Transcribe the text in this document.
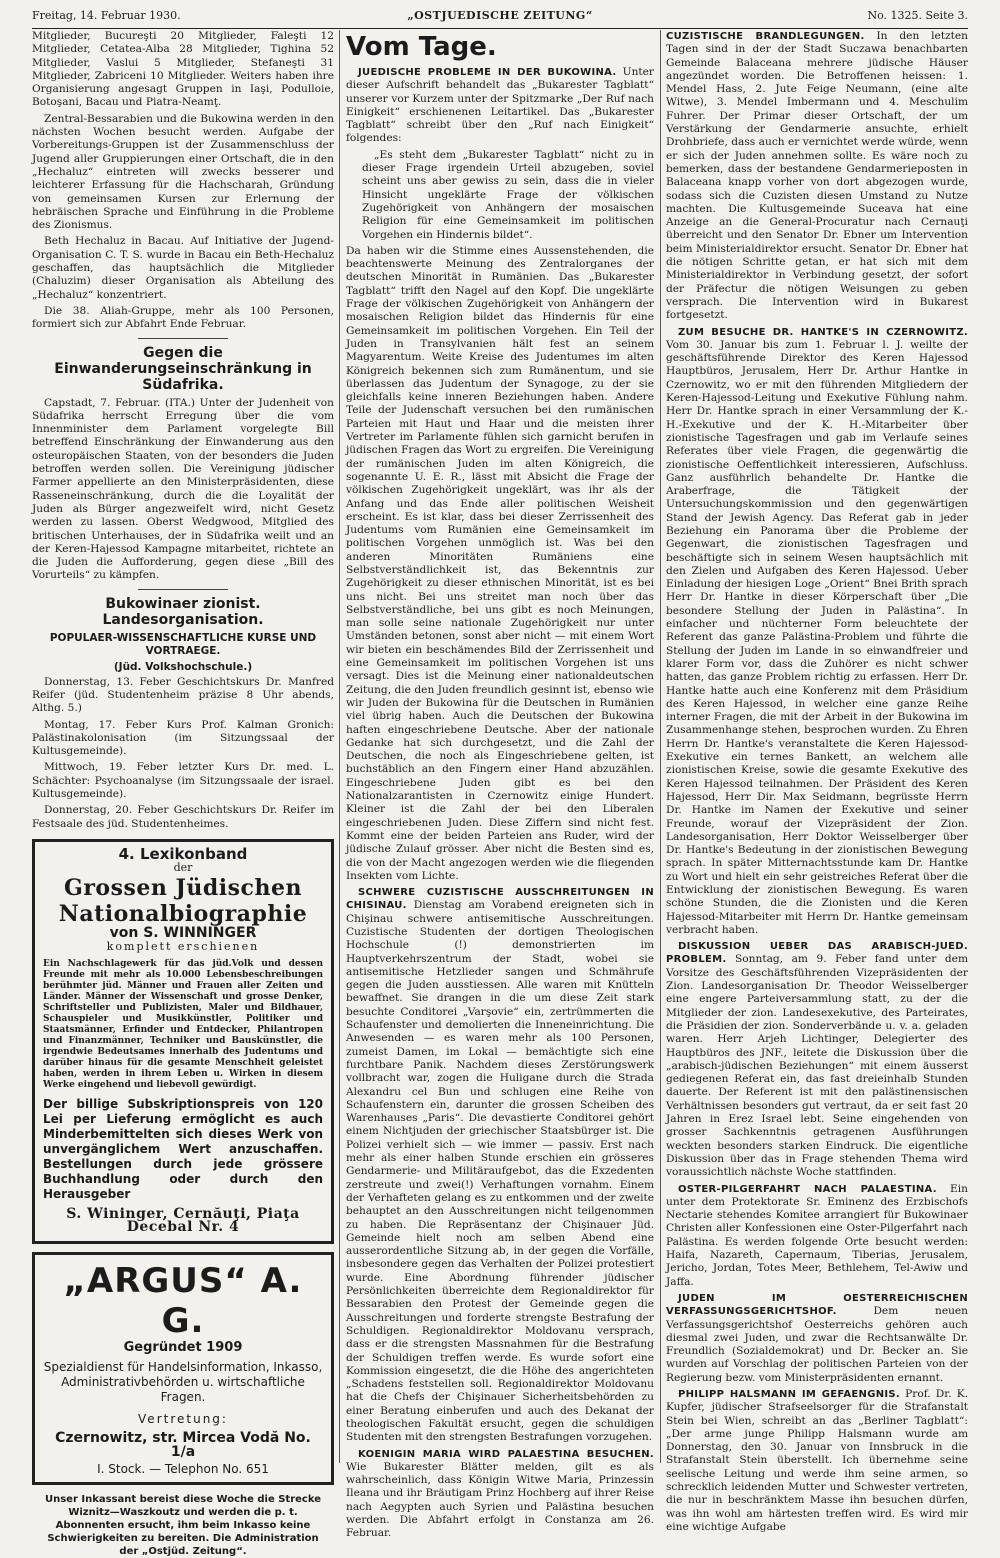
Freitag, 14. Februar 1930.	„OSTJUEDISCHE ZEITUNG“	No. 1325. Seite 3.

Mitglieder, Bucureşti 20 Mitglieder, Faleşti 12 Mitglieder, Cetatea-Alba 28 Mitglieder, Tighina 52 Mitglieder, Vaslui 5 Mitglieder, Stefaneşti 31 Mitglieder, Zabriceni 10 Mitglieder. Weiters haben ihre Organisierung angesagt Gruppen in Iaşi, Podulloie, Botoşani, Bacau und Piatra-Neamţ.

Zentral-Bessarabien und die Bukowina werden in den nächsten Wochen besucht werden. Aufgabe der Vorbereitungs-Gruppen ist der Zusammenschluss der Jugend aller Gruppierungen einer Ortschaft, die in den „Hechaluz“ eintreten will zwecks besserer und leichterer Erfassung für die Hachscharah, Gründung von gemeinsamen Kursen zur Erlernung der hebräischen Sprache und Einführung in die Probleme des Zionismus.

Beth Hechaluz in Bacau. Auf Initiative der Jugend-Organisation C. T. S. wurde in Bacau ein Beth-Hechaluz geschaffen, das hauptsächlich die Mitglieder (Chaluzim) dieser Organisation als Abteilung des „Hechaluz“ konzentriert.

Die 38. Aliah-Gruppe, mehr als 100 Personen, formiert sich zur Abfahrt Ende Februar.

Gegen die Einwanderungseinschränkung in Südafrika.

Capstadt, 7. Februar. (ITA.) Unter der Judenheit von Südafrika herrscht Erregung über die vom Innenminister dem Parlament vorgelegte Bill betreffend Einschränkung der Einwanderung aus den osteuropäischen Staaten, von der besonders die Juden betroffen werden sollen. Die Vereinigung jüdischer Farmer appellierte an den Ministerpräsidenten, diese Rasseneinschränkung, durch die die Loyalität der Juden als Bürger angezweifelt wird, nicht Gesetz werden zu lassen. Oberst Wedgwood, Mitglied des britischen Unterhauses, der in Südafrika weilt und an der Keren-Hajessod Kampagne mitarbeitet, richtete an die Juden die Aufforderung, gegen diese „Bill des Vorurteils“ zu kämpfen.

Bukowinaer zionist. Landesorganisation.
POPULAER-WISSENSCHAFTLICHE KURSE UND VORTRAEGE.
(Jüd. Volkshochschule.)

Donnerstag, 13. Feber Geschichtskurs Dr. Manfred Reifer (jüd. Studentenheim präzise 8 Uhr abends, Althg. 5.)

Montag, 17. Feber Kurs Prof. Kalman Gronich: Palästinakolonisation (im Sitzungssaal der Kultusgemeinde).

Mittwoch, 19. Feber letzter Kurs Dr. med. L. Schächter: Psychoanalyse (im Sitzungssaale der israel. Kultusgemeinde).

Donnerstag, 20. Feber Geschichtskurs Dr. Reifer im Festsaale des jüd. Studentenheimes.

4. Lexikonband
der
Grossen Jüdischen Nationalbiographie
von S. WINNINGER
komplett erschienen
Ein Nachschlagewerk für das jüd.Volk und dessen Freunde mit mehr als 10.000 Lebensbeschreibungen berühmter jüd. Männer und Frauen aller Zeiten und Länder. Männer der Wissenschaft und grosse Denker, Schriftsteller und Publizisten, Maler und Bildhauer, Schauspieler und Musikkünstler, Politiker und Staatsmänner, Erfinder und Entdecker, Philantropen und Finanzmänner, Techniker und Bauskünstler, die irgendwie Bedeutsames innerhalb des Judentums und darüber hinaus für die gesamte Menschheit geleistet haben, werden in ihrem Leben u. Wirken in diesem Werke eingehend und liebevoll gewürdigt.
Der billige Subskriptionspreis von 120 Lei per Lieferung ermöglicht es auch Minderbemittelten sich dieses Werk von unvergänglichem Wert anzuschaffen. Bestellungen durch jede grössere Buchhandlung oder durch den Herausgeber
S. Wininger, Cernăuţi, Piaţa Decebal Nr. 4
„ARGUS“ A. G.
Gegründet 1909
Spezialdienst für Handelsinformation, Inkasso, Administrativbehörden u. wirtschaftliche Fragen.
Vertretung:
Czernowitz, str. Mircea Vodă No. 1/a
I. Stock. — Telephon No. 651
Unser Inkassant bereist diese Woche die Strecke Wiznitz—Waszkoutz und werden die p. t. Abonnenten ersucht, ihm beim Inkasso keine Schwierigkeiten zu bereiten. Die Administration der „Ostjüd. Zeitung“.
Vom Tage.

JUEDISCHE PROBLEME IN DER BUKOWINA. Unter dieser Aufschrift behandelt das „Bukarester Tagblatt“ unserer vor Kurzem unter der Spitzmarke „Der Ruf nach Einigkeit“ erschienenen Leitartikel. Das „Bukarester Tagblatt“ schreibt über den „Ruf nach Einigkeit“ folgendes:

„Es steht dem „Bukarester Tagblatt“ nicht zu in dieser Frage irgendein Urteil abzugeben, soviel scheint uns aber gewiss zu sein, dass die in vieler Hinsicht ungeklärte Frage der völkischen Zugehörigkeit von Anhängern der mosaischen Religion für eine Gemeinsamkeit im politischen Vorgehen ein Hindernis bildet“.

Da haben wir die Stimme eines Aussenstehenden, die beachtenswerte Meinung des Zentralorganes der deutschen Minorität in Rumänien. Das „Bukarester Tagblatt“ trifft den Nagel auf den Kopf. Die ungeklärte Frage der völkischen Zugehörigkeit von Anhängern der mosaischen Religion bildet das Hindernis für eine Gemeinsamkeit im politischen Vorgehen. Ein Teil der Juden in Transylvanien hält fest an seinem Magyarentum. Weite Kreise des Judentumes im alten Königreich bekennen sich zum Rumänentum, und sie überlassen das Judentum der Synagoge, zu der sie gleichfalls keine inneren Beziehungen haben. Andere Teile der Judenschaft versuchen bei den rumänischen Parteien mit Haut und Haar und die meisten ihrer Vertreter im Parlamente fühlen sich garnicht berufen in jüdischen Fragen das Wort zu ergreifen. Die Vereinigung der rumänischen Juden im alten Königreich, die sogenannte U. E. R., lässt mit Absicht die Frage der völkischen Zugehörigkeit ungeklärt, was ihr als der Anfang und das Ende aller politischen Weisheit erscheint. Es ist klar, dass bei dieser Zerrissenheit des Judentums vom Rumänien eine Gemeinsamkeit im politischen Vorgehen unmöglich ist. Was bei den anderen Minoritäten Rumäniens eine Selbstverständlichkeit ist, das Bekenntnis zur Zugehörigkeit zu dieser ethnischen Minorität, ist es bei uns nicht. Bei uns streitet man noch über das Selbstverständliche, bei uns gibt es noch Meinungen, man solle seine nationale Zugehörigkeit nur unter Umständen betonen, sonst aber nicht — mit einem Wort wir bieten ein beschämendes Bild der Zerrissenheit und eine Gemeinsamkeit im politischen Vorgehen ist uns versagt. Dies ist die Meinung einer nationaldeutschen Zeitung, die den Juden freundlich gesinnt ist, ebenso wie wir Juden der Bukowina für die Deutschen in Rumänien viel übrig haben. Auch die Deutschen der Bukowina haften eingeschriebene Deutsche. Aber der nationale Gedanke hat sich durchgesetzt, und die Zahl der Deutschen, die noch als Eingeschriebene gelten, ist buchstäblich an den Fingern einer Hand abzuzählen. Eingeschriebene Juden gibt es bei den Nationalzarantisten in Czernowitz einige Hundert. Kleiner ist die Zahl der bei den Liberalen eingeschriebenen Juden. Diese Ziffern sind nicht fest. Kommt eine der beiden Parteien ans Ruder, wird der jüdische Zulauf grösser. Aber nicht die Besten sind es, die von der Macht angezogen werden wie die fliegenden Insekten vom Lichte.

SCHWERE CUZISTISCHE AUSSCHREITUNGEN IN CHISINAU. Dienstag am Vorabend ereigneten sich in Chişinau schwere antisemitische Ausschreitungen. Cuzistische Studenten der dortigen Theologischen Hochschule (!) demonstrierten im Hauptverkehrszentrum der Stadt, wobei sie antisemitische Hetzlieder sangen und Schmährufe gegen die Juden ausstiessen. Alle waren mit Knütteln bewaffnet. Sie drangen in die um diese Zeit stark besuchte Conditorei „Varşovie“ ein, zertrümmerten die Schaufenster und demolierten die Inneneinrichtung. Die Anwesenden — es waren mehr als 100 Personen, zumeist Damen, im Lokal — bemächtigte sich eine furchtbare Panik. Nachdem dieses Zerstörungswerk vollbracht war, zogen die Huligane durch die Strada Alexandru cel Bun und schlugen eine Reihe von Schaufenstern ein, darunter die grossen Scheiben des Warenhauses „Paris“. Die devastierte Conditorei gehört einem Nichtjuden der griechischer Staatsbürger ist. Die Polizei verhielt sich — wie immer — passiv. Erst nach mehr als einer halben Stunde erschien ein grösseres Gendarmerie- und Militäraufgebot, das die Exzedenten zerstreute und zwei(!) Verhaftungen vornahm. Einem der Verhafteten gelang es zu entkommen und der zweite behauptet an den Ausschreitungen nicht teilgenommen zu haben. Die Repräsentanz der Chişinauer Jüd. Gemeinde hielt noch am selben Abend eine ausserordentliche Sitzung ab, in der gegen die Vorfälle, insbesondere gegen das Verhalten der Polizei protestiert wurde. Eine Abordnung führender jüdischer Persönlichkeiten überreichte dem Regionaldirektor für Bessarabien den Protest der Gemeinde gegen die Ausschreitungen und forderte strengste Bestrafung der Schuldigen. Regionaldirektor Moldovanu versprach, dass er die strengsten Massnahmen für die Bestrafung der Schuldigen treffen werde. Es wurde sofort eine Kommission eingesetzt, die die Höhe des angerichteten „Schadens feststellen soll. Regionaldirektor Moldovanu hat die Chefs der Chişinauer Sicherheitsbehörden zu einer Beratung einberufen und auch des Dekanat der theologischen Fakultät ersucht, gegen die schuldigen Studenten mit den strengsten Bestrafungen vorzugehen.

KOENIGIN MARIA WIRD PALAESTINA BESUCHEN. Wie Bukarester Blätter melden, gilt es als wahrscheinlich, dass Königin Witwe Maria, Prinzessin Ileana und ihr Bräutigam Prinz Hochberg auf ihrer Reise nach Aegypten auch Syrien und Palästina besuchen werden. Die Abfahrt erfolgt in Constanza am 26. Februar.

CUZISTISCHE BRANDLEGUNGEN. In den letzten Tagen sind in der der Stadt Suczawa benachbarten Gemeinde Balaceana mehrere jüdische Häuser angezündet worden. Die Betroffenen heissen: 1. Mendel Hass, 2. Jute Feige Neumann, (eine alte Witwe), 3. Mendel Imbermann und 4. Meschulim Fuhrer. Der Primar dieser Ortschaft, der um Verstärkung der Gendarmerie ansuchte, erhielt Drohbriefe, dass auch er vernichtet werde würde, wenn er sich der Juden annehmen sollte. Es wäre noch zu bemerken, dass der bestandene Gendarmerieposten in Balaceana knapp vorher von dort abgezogen wurde, sodass sich die Cuzisten diesen Umstand zu Nutze machten. Die Kultusgemeinde Suceava hat eine Anzeige an die General-Procuratur nach Cernauţi überreicht und den Senator Dr. Ebner um Intervention beim Ministerialdirektor ersucht. Senator Dr. Ebner hat die nötigen Schritte getan, er hat sich mit dem Ministerialdirektor in Verbindung gesetzt, der sofort der Präfectur die nötigen Weisungen zu geben versprach. Die Intervention wird in Bukarest fortgesetzt.

ZUM BESUCHE DR. HANTKE'S IN CZERNOWITZ. Vom 30. Januar bis zum 1. Februar l. J. weilte der geschäftsführende Direktor des Keren Hajessod Hauptbüros, Jerusalem, Herr Dr. Arthur Hantke in Czernowitz, wo er mit den führenden Mitgliedern der Keren-Hajessod-Leitung und Exekutive Fühlung nahm. Herr Dr. Hantke sprach in einer Versammlung der K.-H.-Exekutive und der K. H.-Mitarbeiter über zionistische Tagesfragen und gab im Verlaufe seines Referates über viele Fragen, die gegenwärtig die zionistische Oeffentlichkeit interessieren, Aufschluss. Ganz ausführlich behandelte Dr. Hantke die Araberfrage, die Tätigkeit der Untersuchungskommission und den gegenwärtigen Stand der Jewish Agency. Das Referat gab in jeder Beziehung ein Panorama über die Probleme der Gegenwart, die zionistischen Tagesfragen und beschäftigte sich in seinem Wesen hauptsächlich mit den Zielen und Aufgaben des Keren Hajessod. Ueber Einladung der hiesigen Loge „Orient“ Bnei Brith sprach Herr Dr. Hantke in dieser Körperschaft über „Die besondere Stellung der Juden in Palästina“. In einfacher und nüchterner Form beleuchtete der Referent das ganze Palästina-Problem und führte die Stellung der Juden im Lande in so einwandfreier und klarer Form vor, dass die Zuhörer es nicht schwer hatten, das ganze Problem richtig zu erfassen. Herr Dr. Hantke hatte auch eine Konferenz mit dem Präsidium des Keren Hajessod, in welcher eine ganze Reihe interner Fragen, die mit der Arbeit in der Bukowina im Zusammenhange stehen, besprochen wurden. Zu Ehren Herrn Dr. Hantke's veranstaltete die Keren Hajessod-Exekutive ein ternes Bankett, an welchem alle zionistischen Kreise, sowie die gesamte Exekutive des Keren Hajessod teilnahmen. Der Präsident des Keren Hajessod, Herr Dir. Max Seidmann, begrüsste Herrn Dr. Hantke im Namen der Exekutive und seiner Freunde, worauf der Vizepräsident der Zion. Landesorganisation, Herr Doktor Weisselberger über Dr. Hantke's Bedeutung in der zionistischen Bewegung sprach. In später Mitternachtsstunde kam Dr. Hantke zu Wort und hielt ein sehr geistreiches Referat über die Entwicklung der zionistischen Bewegung. Es waren schöne Stunden, die die Zionisten und die Keren Hajessod-Mitarbeiter mit Herrn Dr. Hantke gemeinsam verbracht haben.

DISKUSSION UEBER DAS ARABISCH-JUED. PROBLEM. Sonntag, am 9. Feber fand unter dem Vorsitze des Geschäftsführenden Vizepräsidenten der Zion. Landesorganisation Dr. Theodor Weisselberger eine engere Parteiversammlung statt, zu der die Mitglieder der zion. Landesexekutive, des Parteirates, die Präsidien der zion. Sonderverbände u. v. a. geladen waren. Herr Arjeh Lichtinger, Delegierter des Hauptbüros des JNF., leitete die Diskussion über die „arabisch-jüdischen Beziehungen“ mit einem äusserst gediegenen Referat ein, das fast dreieinhalb Stunden dauerte. Der Referent ist mit den palästinensischen Verhältnissen besonders gut vertraut, da er seit fast 20 Jahren in Erez Israel lebt. Seine eingehenden von grosser Sachkenntnis getragenen Ausführungen weckten besonders starken Eindruck. Die eigentliche Diskussion über das in Frage stehenden Thema wird voraussichtlich nächste Woche stattfinden.

OSTER-PILGERFAHRT NACH PALAESTINA. Ein unter dem Protektorate Sr. Eminenz des Erzbischofs Nectarie stehendes Komitee arrangiert für Bukowinaer Christen aller Konfessionen eine Oster-Pilgerfahrt nach Palästina. Es werden folgende Orte besucht werden: Haifa, Nazareth, Capernaum, Tiberias, Jerusalem, Jericho, Jordan, Totes Meer, Bethlehem, Tel-Awiw und Jaffa.

JUDEN IM OESTERREICHISCHEN VERFASSUNGSGERICHTSHOF.	Dem neuen Verfassungsgerichtshof Oesterreichs gehören auch diesmal zwei Juden, und zwar die Rechtsanwälte Dr. Freundlich (Sozialdemokrat) und Dr. Becker an. Sie wurden auf Vorschlag der politischen Parteien von der Regierung bezw. vom Ministerpräsidenten ernannt.

PHILIPP HALSMANN IM GEFAENGNIS. Prof. Dr. K. Kupfer, jüdischer Strafseelsorger für die Strafanstalt Stein bei Wien, schreibt an das „Berliner Tagblatt“: „Der arme junge Philipp Halsmann wurde am Donnerstag, den 30. Januar von Innsbruck in die Strafanstalt Stein überstellt. Ich übernehme seine seelische Leitung und werde ihm seine armen, so schrecklich leidenden Mutter und Schwester vertreten, die nur in beschränktem Masse ihn besuchen dürfen, was ihn wohl am härtesten treffen wird. Es wird mir eine wichtige Aufgabe
